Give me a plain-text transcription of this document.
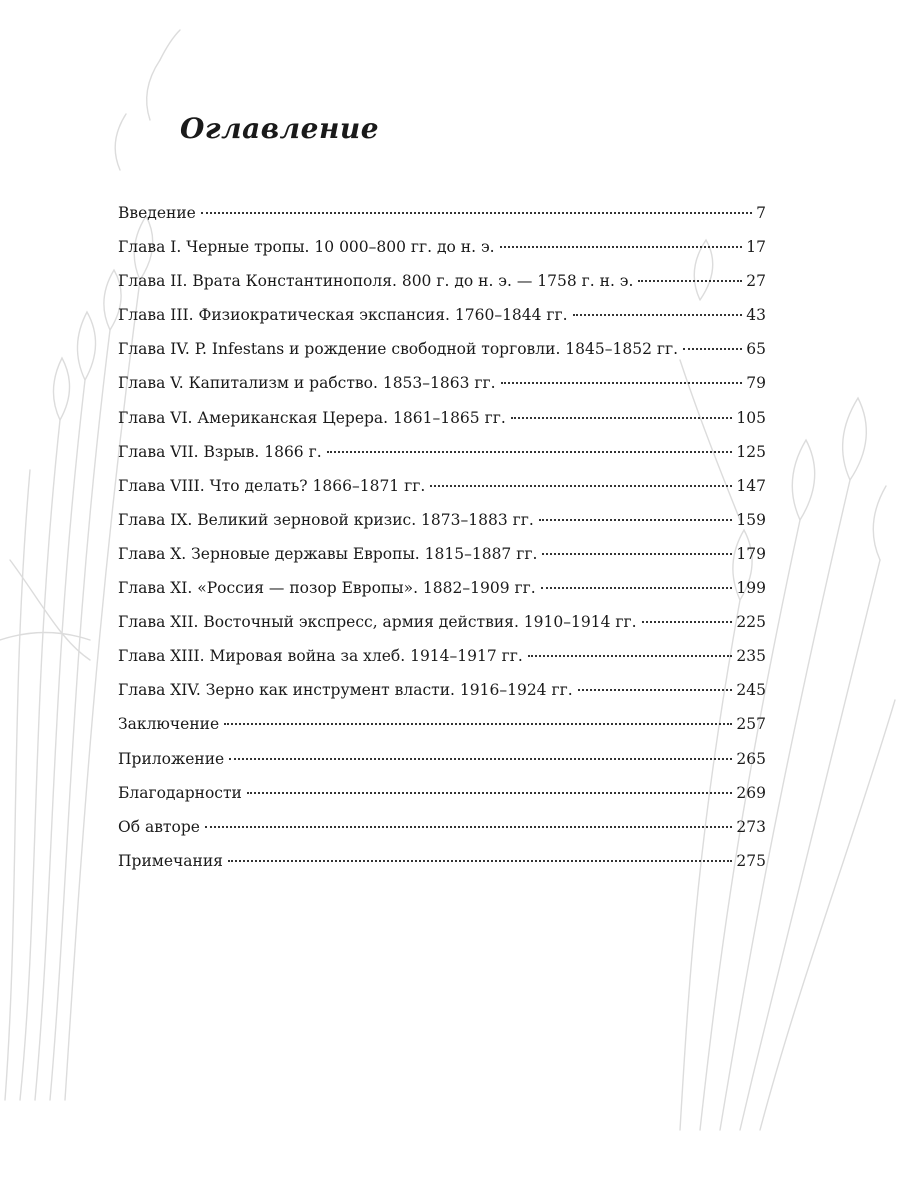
Оглавление
Введение	7
Глава I. Черные тропы. 10 000–800 гг. до н. э.	17
Глава II. Врата Константинополя. 800 г. до н. э. — 1758 г. н. э.	27
Глава III. Физиократическая экспансия. 1760–1844 гг.	43
Глава IV. P. Infestans и рождение свободной торговли. 1845–1852 гг.	65
Глава V. Капитализм и рабство. 1853–1863 гг.	79
Глава VI. Американская Церера. 1861–1865 гг.	105
Глава VII. Взрыв. 1866 г.	125
Глава VIII. Что делать? 1866–1871 гг.	147
Глава IX. Великий зерновой кризис. 1873–1883 гг.	159
Глава X. Зерновые державы Европы. 1815–1887 гг.	179
Глава XI. «Россия — позор Европы». 1882–1909 гг.	199
Глава XII. Восточный экспресс, армия действия. 1910–1914 гг.	225
Глава XIII. Мировая война за хлеб. 1914–1917 гг.	235
Глава XIV. Зерно как инструмент власти. 1916–1924 гг.	245
Заключение	257
Приложение	265
Благодарности	269
Об авторе	273
Примечания	275
